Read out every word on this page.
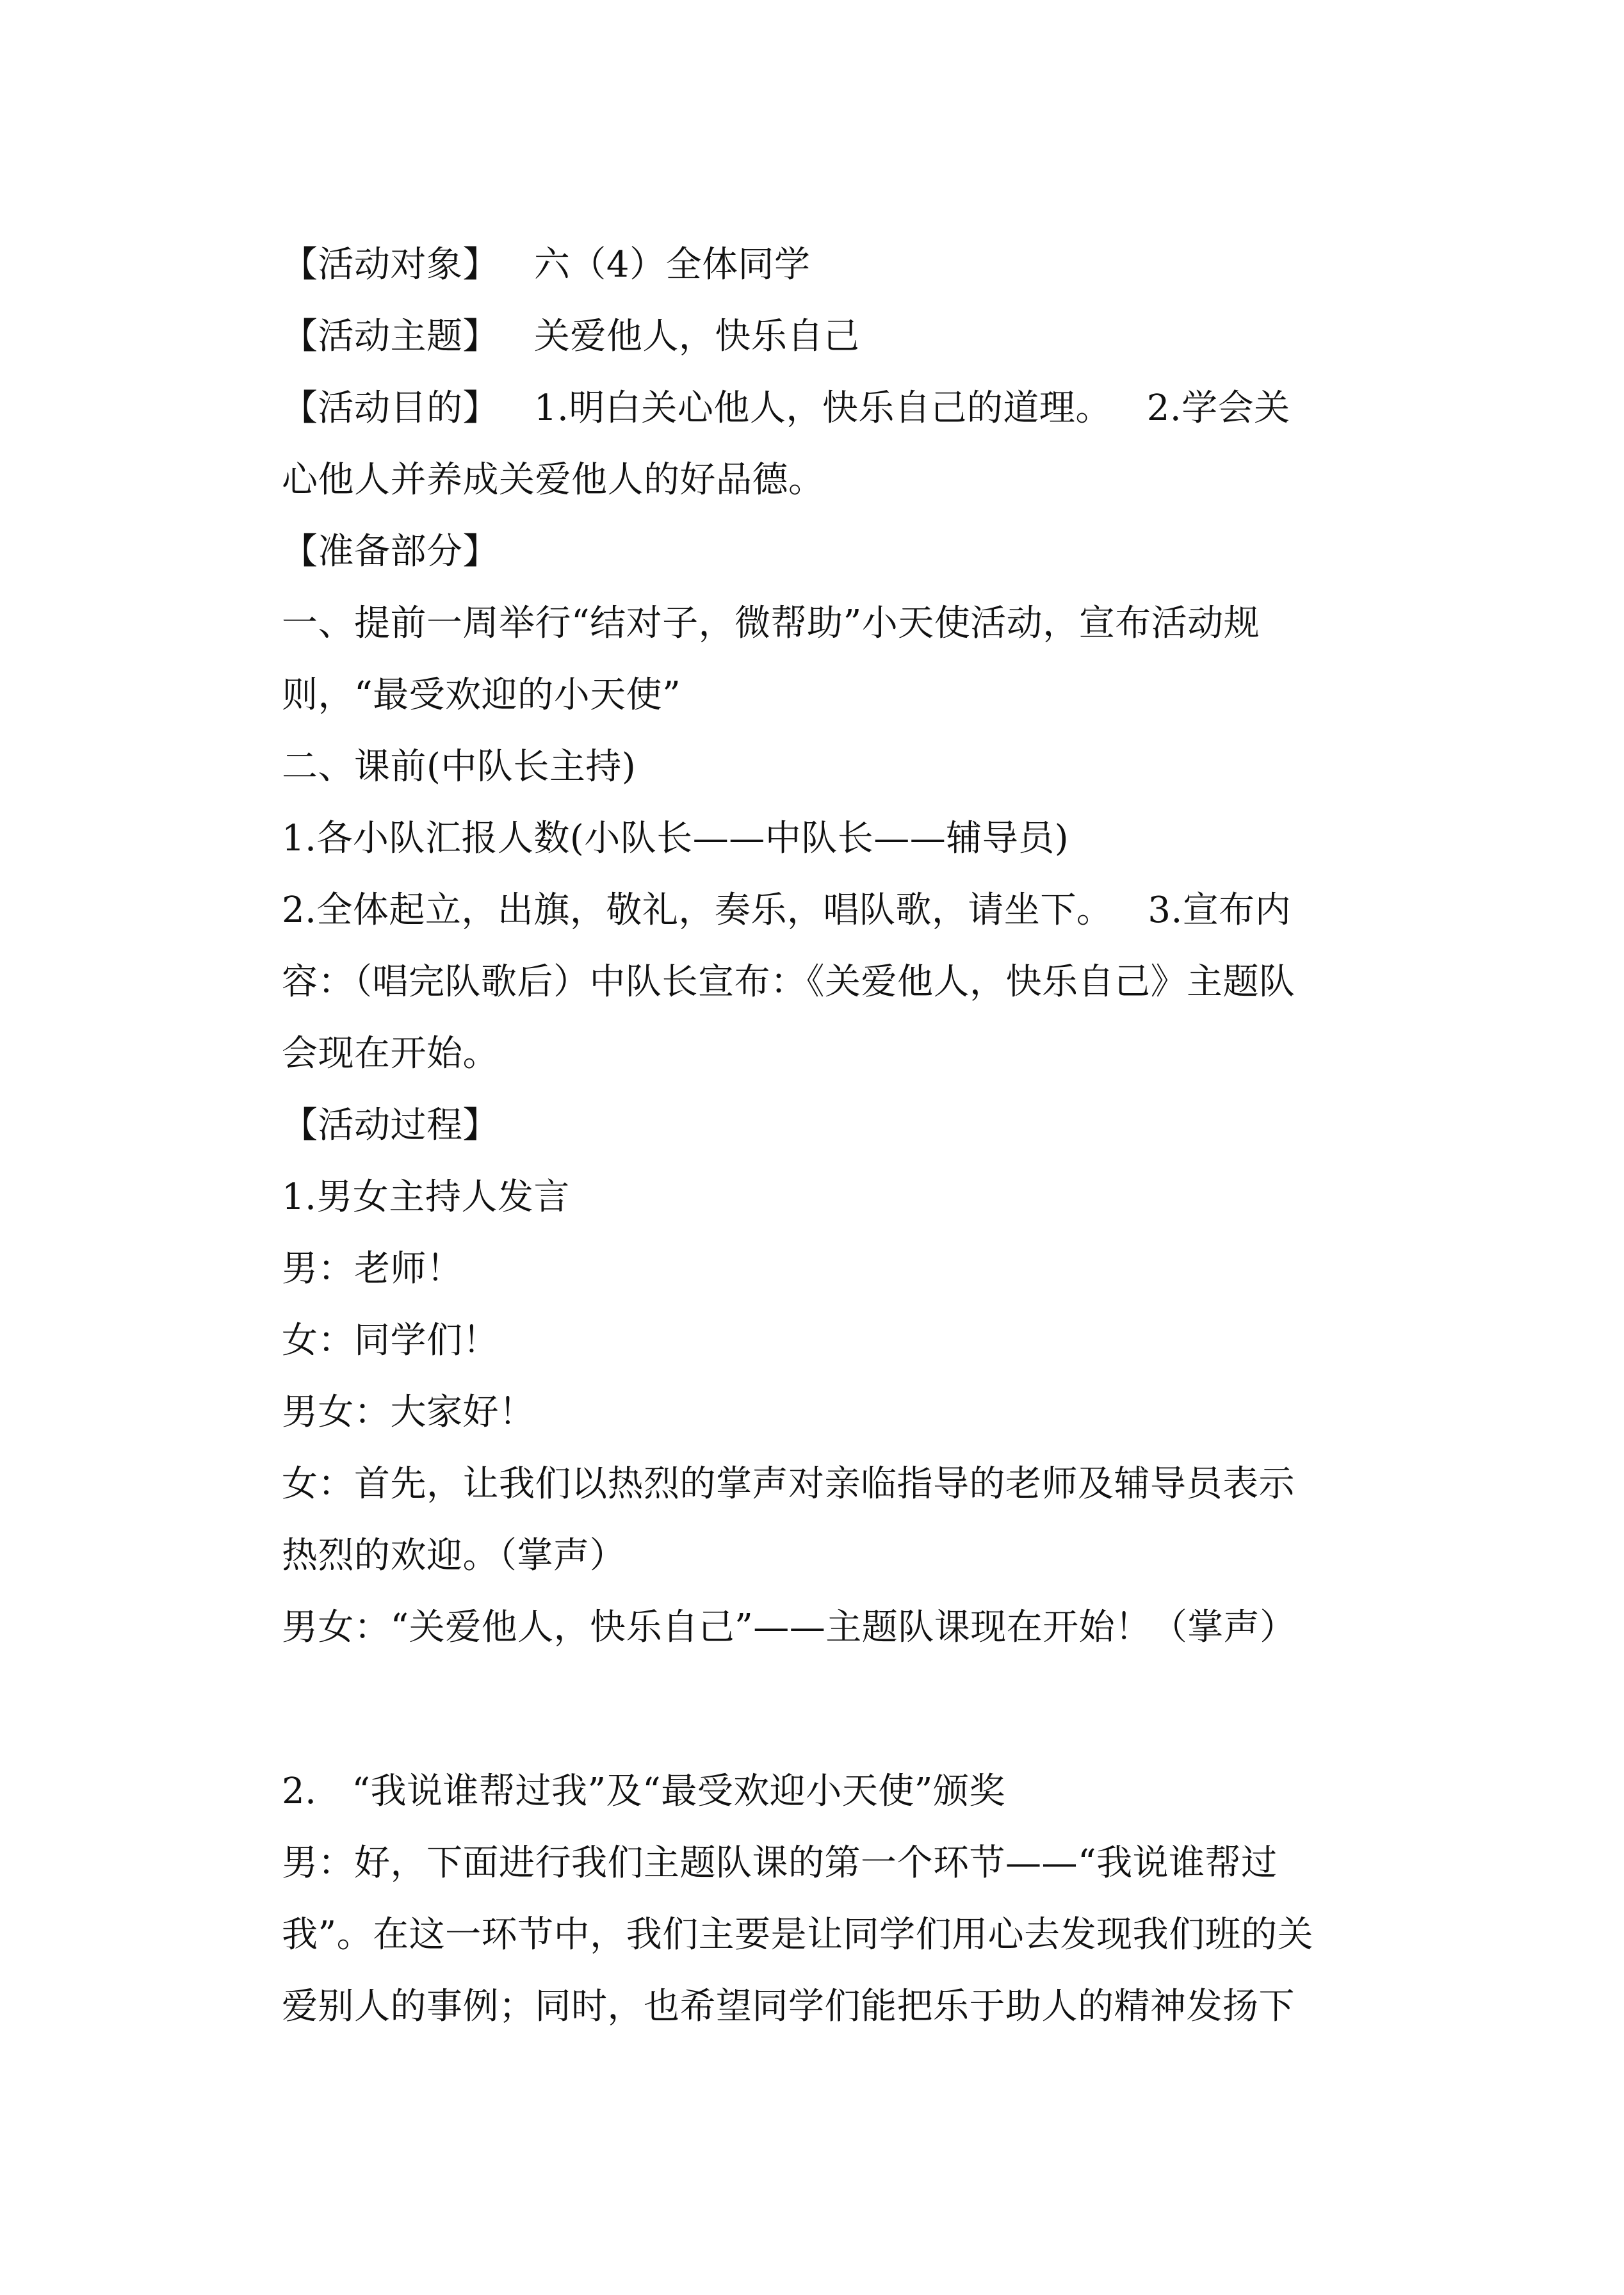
【活动对象】   六（4）全体同学
【活动主题】   关爱他人，快乐自己
【活动目的】   1.明白关心他人，快乐自己的道理。   2.学会关
心他人并养成关爱他人的好品德。
【准备部分】
一、提前一周举行“结对子，微帮助”小天使活动，宣布活动规
则，“最受欢迎的小天使”
二、课前(中队长主持)
1.各小队汇报人数(小队长——中队长——辅导员)
2.全体起立，出旗，敬礼，奏乐，唱队歌，请坐下。   3.宣布内
容：（唱完队歌后）中队长宣布：《关爱他人，快乐自己》主题队
会现在开始。
【活动过程】
1.男女主持人发言
男：老师！
女：同学们！
男女：大家好！
女：首先，让我们以热烈的掌声对亲临指导的老师及辅导员表示
热烈的欢迎。（掌声）
男女：“关爱他人，快乐自己”——主题队课现在开始！（掌声）
2.   “我说谁帮过我”及“最受欢迎小天使”颁奖
男：好，下面进行我们主题队课的第一个环节——“我说谁帮过
我”。在这一环节中，我们主要是让同学们用心去发现我们班的关
爱别人的事例；同时，也希望同学们能把乐于助人的精神发扬下
